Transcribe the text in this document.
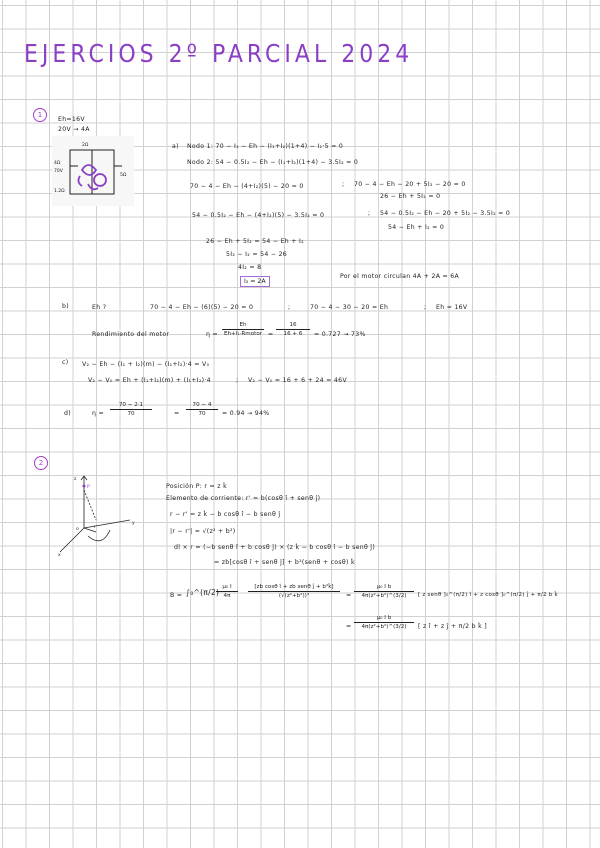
EJERCIOS 2º PARCIAL 2024
1
Eh=16V
20V → 4A
2Ω
4Ω
70V
1.2Ω
5Ω
a) Nodo 1: 70 − I₁ − Eh − (I₁+I₂)(1+4) − I₁·5 = 0
Nodo 2: 54 − 0.5I₂ − Eh − (I₁+I₂)(1+4) − 3.5I₂ = 0
70 − 4 − Eh − (4+I₂)(5) − 20 = 0	; 70 − 4 − Eh − 20 + 5I₂ − 20 = 0
26 − Eh + 5I₂ = 0
54 − 0.5I₂ − Eh − (4+I₂)(5) − 3.5I₂ = 0	; 54 − 0.5I₂ − Eh − 20 + 5I₂ − 3.5I₂ = 0
54 − Eh + I₂ = 0
26 − Eh + 5I₂ = 54 − Eh + I₂
5I₂ − I₂ = 54 − 26
4I₂ = 8
I₂ = 2A
Por el motor circulan 4A + 2A = 6A
b)	Eh ?	70 − 4 − Eh − (6)(5) − 20 = 0	;	70 − 4 − 30 − 20 = Eh	; Eh = 16V
Rendimiento del motor	η =
Eh
Eh+I₁·Rmotor =
16
16 + 6	= 0.727 → 73%
c) V₂ − Eh − (I₁ + I₂)(m) − (I₁+I₂)·4 = V₀
V₂ − V₀ = Eh + (I₁+I₂)(m) + (I₁+I₂)·4	; V₂ − V₀ = 16 + 6 + 24 = 46V
d)	η =
70 − 2·1
70	=
70 − 4
70	= 0.94 → 94%
2
P
z
y
x
o	r
Posición P: r = z k̂
Elemento de corriente: r' = b(cosθ î + senθ ĵ)
r − r' = z k̂ − b cosθ î − b senθ ĵ
|r − r'| = √(z² + b²)
dl × r = (−b senθ î + b cosθ ĵ) × (z k̂ − b cosθ î − b senθ ĵ)
= zb[cosθ î + senθ ĵ] + b²(senθ + cosθ) k̂
B = ∫₀^(π/2)
μ₀ I
4π
[zb cosθ î + zb senθ ĵ + b²k̂]
(√(z²+b²))³	=
μ₀ I b
4π(z²+b²)^(3/2)	[ z senθ ]₀^(π/2) î + z cosθ ]₀^(π/2) ĵ + π/2 b k̂
=
μ₀ I b
4π(z²+b²)^(3/2)	[ z î + z ĵ + π/2 b k̂ ]
